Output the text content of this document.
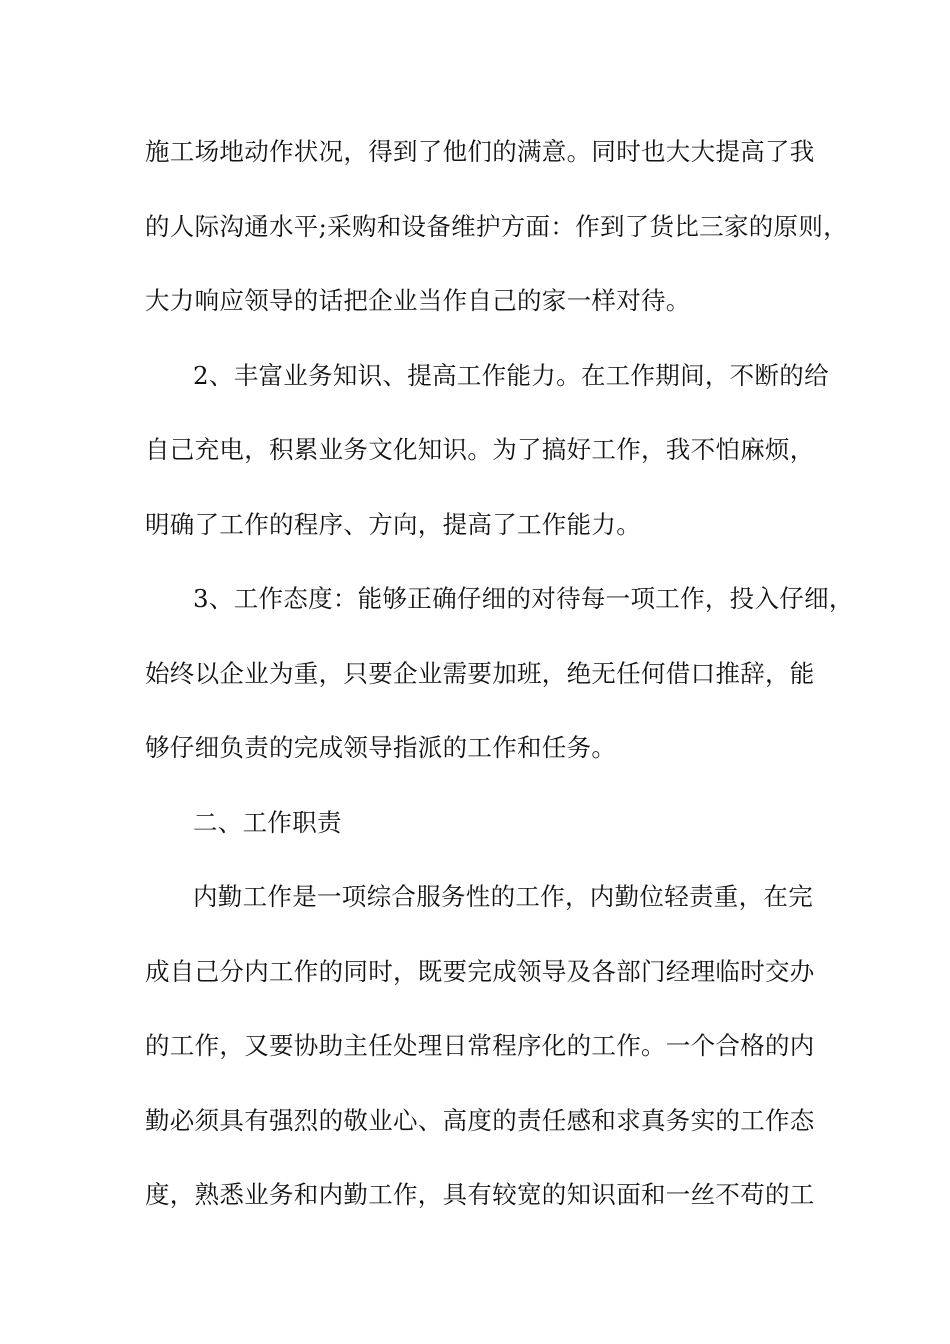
施工场地动作状况，得到了他们的满意。同时也大大提高了我
的人际沟通水平;采购和设备维护方面：作到了货比三家的原则，
大力响应领导的话把企业当作自己的家一样对待。
2、丰富业务知识、提高工作能力。在工作期间，不断的给
自己充电，积累业务文化知识。为了搞好工作，我不怕麻烦，
明确了工作的程序、方向，提高了工作能力。
3、工作态度：能够正确仔细的对待每一项工作，投入仔细，
始终以企业为重，只要企业需要加班，绝无任何借口推辞，能
够仔细负责的完成领导指派的工作和任务。
二、工作职责
内勤工作是一项综合服务性的工作，内勤位轻责重，在完
成自己分内工作的同时，既要完成领导及各部门经理临时交办
的工作，又要协助主任处理日常程序化的工作。一个合格的内
勤必须具有强烈的敬业心、高度的责任感和求真务实的工作态
度，熟悉业务和内勤工作，具有较宽的知识面和一丝不苟的工
